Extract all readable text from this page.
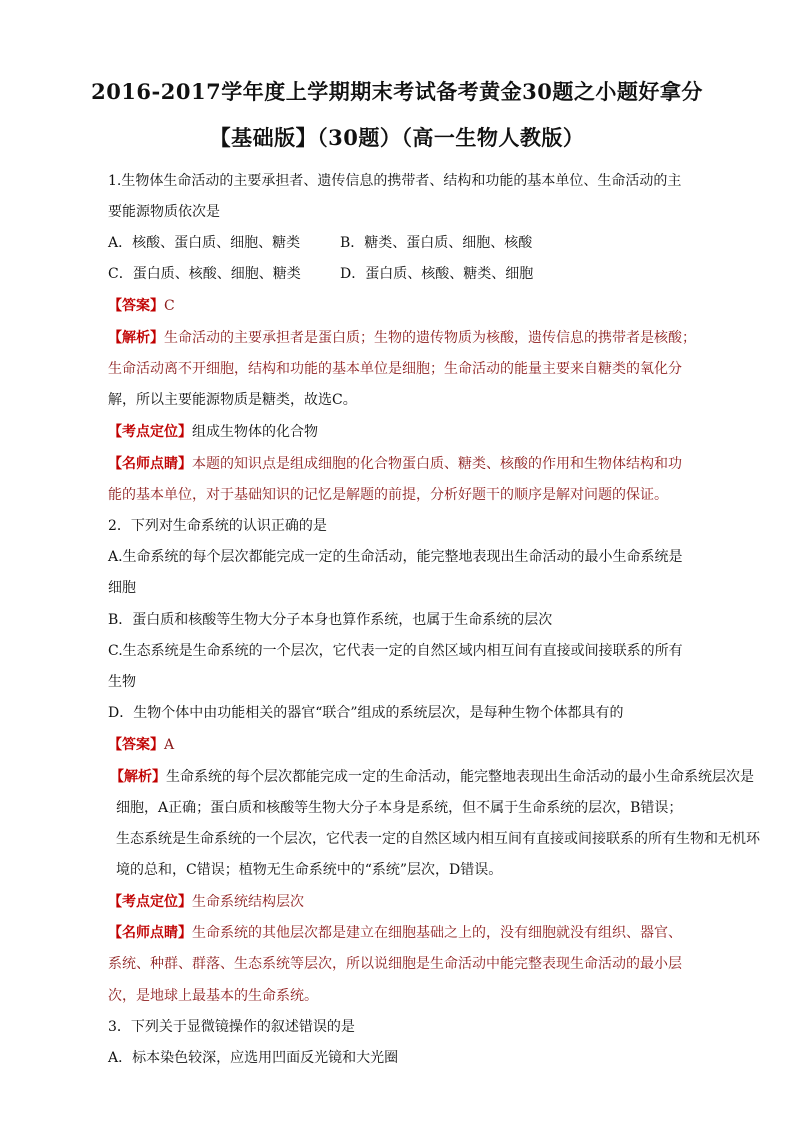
2016-2017学年度上学期期末考试备考黄金30题之小题好拿分
【基础版】（30题）（高一生物人教版）
1.生物体生命活动的主要承担者、遗传信息的携带者、结构和功能的基本单位、生命活动的主
要能源物质依次是
A．核酸、蛋白质、细胞、糖类	B．糖类、蛋白质、细胞、核酸
C．蛋白质、核酸、细胞、糖类	D．蛋白质、核酸、糖类、细胞
【答案】C
【解析】生命活动的主要承担者是蛋白质；生物的遗传物质为核酸，遗传信息的携带者是核酸；
生命活动离不开细胞，结构和功能的基本单位是细胞；生命活动的能量主要来自糖类的氧化分
解，所以主要能源物质是糖类，故选C。
【考点定位】组成生物体的化合物
【名师点睛】本题的知识点是组成细胞的化合物蛋白质、糖类、核酸的作用和生物体结构和功
能的基本单位，对于基础知识的记忆是解题的前提，分析好题干的顺序是解对问题的保证。
2．下列对生命系统的认识正确的是
A.生命系统的每个层次都能完成一定的生命活动，能完整地表现出生命活动的最小生命系统是
细胞
B．蛋白质和核酸等生物大分子本身也算作系统，也属于生命系统的层次
C.生态系统是生命系统的一个层次，它代表一定的自然区域内相互间有直接或间接联系的所有
生物
D．生物个体中由功能相关的器官“联合”组成的系统层次，是每种生物个体都具有的
【答案】A
【解析】生命系统的每个层次都能完成一定的生命活动，能完整地表现出生命活动的最小生命系统层次是
细胞，A正确；蛋白质和核酸等生物大分子本身是系统，但不属于生命系统的层次，B错误；
生态系统是生命系统的一个层次，它代表一定的自然区域内相互间有直接或间接联系的所有生物和无机环
境的总和，C错误；植物无生命系统中的“系统”层次，D错误。
【考点定位】生命系统结构层次
【名师点睛】生命系统的其他层次都是建立在细胞基础之上的，没有细胞就没有组织、器官、
系统、种群、群落、生态系统等层次，所以说细胞是生命活动中能完整表现生命活动的最小层
次，是地球上最基本的生命系统。
3．下列关于显微镜操作的叙述错误的是
A．标本染色较深，应选用凹面反光镜和大光圈
